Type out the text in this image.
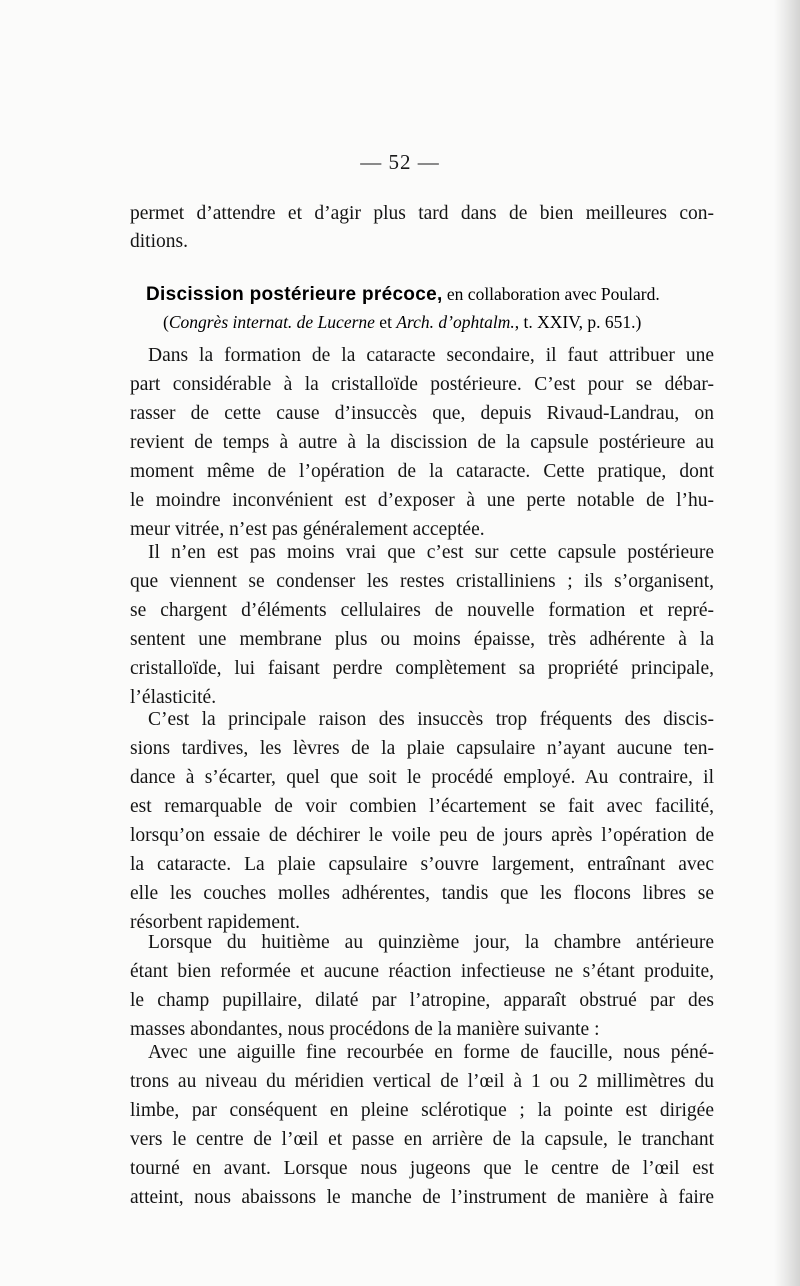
— 52 —
permet d’attendre et d’agir plus tard dans de bien meilleures con-
ditions.
Discission postérieure précoce, en collaboration avec Poulard.
(Congrès internat. de Lucerne et Arch. d’ophtalm., t. XXIV, p. 651.)
Dans la formation de la cataracte secondaire, il faut attribuer une
part considérable à la cristalloïde postérieure. C’est pour se débar-
rasser de cette cause d’insuccès que, depuis Rivaud-Landrau, on
revient de temps à autre à la discission de la capsule postérieure au
moment même de l’opération de la cataracte. Cette pratique, dont
le moindre inconvénient est d’exposer à une perte notable de l’hu-
meur vitrée, n’est pas généralement acceptée.
Il n’en est pas moins vrai que c’est sur cette capsule postérieure
que viennent se condenser les restes cristalliniens ; ils s’organisent,
se chargent d’éléments cellulaires de nouvelle formation et repré-
sentent une membrane plus ou moins épaisse, très adhérente à la
cristalloïde, lui faisant perdre complètement sa propriété principale,
l’élasticité.
C’est la principale raison des insuccès trop fréquents des discis-
sions tardives, les lèvres de la plaie capsulaire n’ayant aucune ten-
dance à s’écarter, quel que soit le procédé employé. Au contraire, il
est remarquable de voir combien l’écartement se fait avec facilité,
lorsqu’on essaie de déchirer le voile peu de jours après l’opération de
la cataracte. La plaie capsulaire s’ouvre largement, entraînant avec
elle les couches molles adhérentes, tandis que les flocons libres se
résorbent rapidement.
Lorsque du huitième au quinzième jour, la chambre antérieure
étant bien reformée et aucune réaction infectieuse ne s’étant produite,
le champ pupillaire, dilaté par l’atropine, apparaît obstrué par des
masses abondantes, nous procédons de la manière suivante :
Avec une aiguille fine recourbée en forme de faucille, nous péné-
trons au niveau du méridien vertical de l’œil à 1 ou 2 millimètres du
limbe, par conséquent en pleine sclérotique ; la pointe est dirigée
vers le centre de l’œil et passe en arrière de la capsule, le tranchant
tourné en avant. Lorsque nous jugeons que le centre de l’œil est
atteint, nous abaissons le manche de l’instrument de manière à faire
